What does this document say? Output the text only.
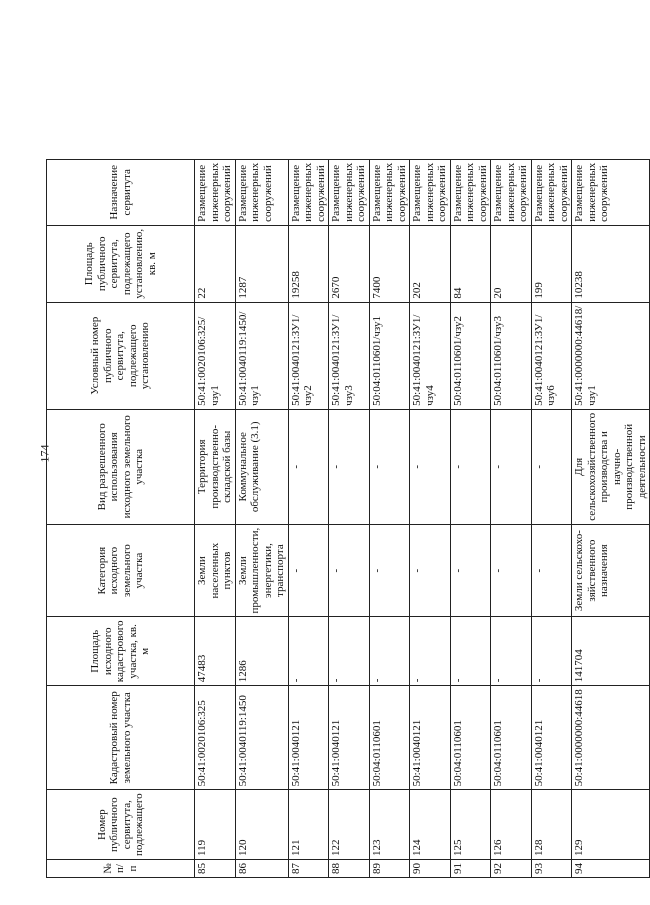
174
№ п/п	Номер публичного сервитута, подлежащего	Кадастровый номер земельного участка	Площадь исходного кадастрового участка, кв. м	Категория исходного земельного участка	Вид разрешенного использования исходного земельного участка	Условный номер публичного сервитута, подлежащего установлению	Площадь публичного сервитута, подлежащего установлению, кв. м	Назначение сервитута
85	119	50:41:0020106:325	47483	Земли населенных пунктов	Территория производственно-складской базы	50:41:0020106:325/чзу1	22	Размещение инженерных сооружений
86	120	50:41:0040119:1450	1286	Земли промышленности, энергетики, транспорта	Коммунальное обслуживание (3.1)	50:41:0040119:1450/чзу1	1287	Размещение инженерных сооружений
87	121	50:41:0040121	-	-	-	50:41:0040121:ЗУ1/чзу2	19258	Размещение инженерных сооружений
88	122	50:41:0040121	-	-	-	50:41:0040121:ЗУ1/чзу3	2670	Размещение инженерных сооружений
89	123	50:04:0110601	-	-	-	50:04:0110601/чзу1	7400	Размещение инженерных сооружений
90	124	50:41:0040121	-	-	-	50:41:0040121:ЗУ1/чзу4	202	Размещение инженерных сооружений
91	125	50:04:0110601	-	-	-	50:04:0110601/чзу2	84	Размещение инженерных сооружений
92	126	50:04:0110601	-	-	-	50:04:0110601/чзу3	20	Размещение инженерных сооружений
93	128	50:41:0040121	-	-	-	50:41:0040121:ЗУ1/чзу6	199	Размещение инженерных сооружений
94	129	50:41:0000000:44618	141704	Земли сельскохо-зяйственного назначения	Для сельскохозяйственного производства и научно-производственной деятельности	50:41:0000000:44618/чзу1	10238	Размещение инженерных сооружений
